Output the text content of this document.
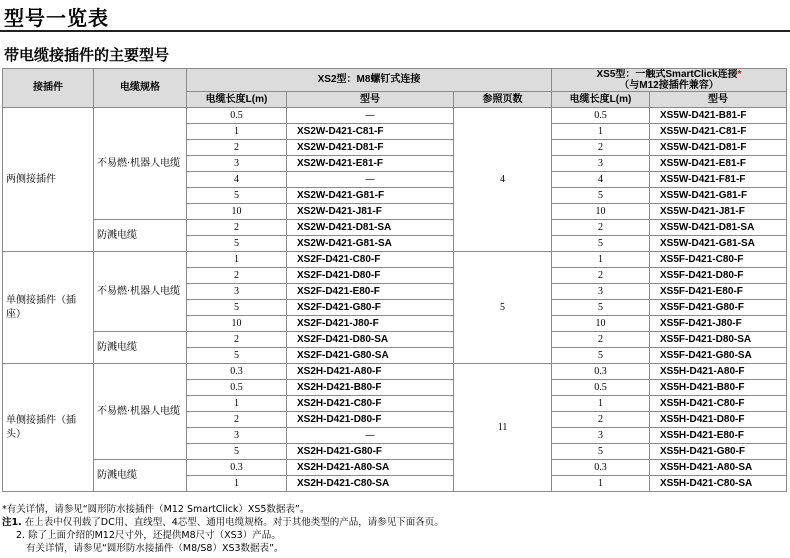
型号一览表
带电缆接插件的主要型号
接插件	电缆规格	XS2型：M8螺钉式连接			XS5型：一触式SmartClick连接*
（与M12接插件兼容）	
		电缆长度L(m)	型号	参照页数	电缆长度L(m)	型号
两侧接插件	不易燃·机器人电缆	0.5	—	4	0.5	XS5W-D421-B81-F
		1	XS2W-D421-C81-F		1	XS5W-D421-C81-F
		2	XS2W-D421-D81-F		2	XS5W-D421-D81-F
		3	XS2W-D421-E81-F		3	XS5W-D421-E81-F
		4	—		4	XS5W-D421-F81-F
		5	XS2W-D421-G81-F		5	XS5W-D421-G81-F
		10	XS2W-D421-J81-F		10	XS5W-D421-J81-F
	防溅电缆	2	XS2W-D421-D81-SA		2	XS5W-D421-D81-SA
		5	XS2W-D421-G81-SA		5	XS5W-D421-G81-SA
单侧接插件（插座）	不易燃·机器人电缆	1	XS2F-D421-C80-F	5	1	XS5F-D421-C80-F
		2	XS2F-D421-D80-F		2	XS5F-D421-D80-F
		3	XS2F-D421-E80-F		3	XS5F-D421-E80-F
		5	XS2F-D421-G80-F		5	XS5F-D421-G80-F
		10	XS2F-D421-J80-F		10	XS5F-D421-J80-F
	防溅电缆	2	XS2F-D421-D80-SA		2	XS5F-D421-D80-SA
		5	XS2F-D421-G80-SA		5	XS5F-D421-G80-SA
单侧接插件（插头）	不易燃·机器人电缆	0.3	XS2H-D421-A80-F	11	0.3	XS5H-D421-A80-F
		0.5	XS2H-D421-B80-F		0.5	XS5H-D421-B80-F
		1	XS2H-D421-C80-F		1	XS5H-D421-C80-F
		2	XS2H-D421-D80-F		2	XS5H-D421-D80-F
		3	—		3	XS5H-D421-E80-F
		5	XS2H-D421-G80-F		5	XS5H-D421-G80-F
	防溅电缆	0.3	XS2H-D421-A80-SA		0.3	XS5H-D421-A80-SA
		1	XS2H-D421-C80-SA		1	XS5H-D421-C80-SA
*有关详情，请参见“圆形防水接插件（M12 SmartClick）XS5数据表”。
注1. 在上表中仅刊载了DC用、直线型、4芯型、通用电缆规格。对于其他类型的产品，请参见下面各页。
2. 除了上面介绍的M12尺寸外，还提供M8尺寸（XS3）产品。
有关详情，请参见“圆形防水接插件（M8/S8）XS3数据表”。
